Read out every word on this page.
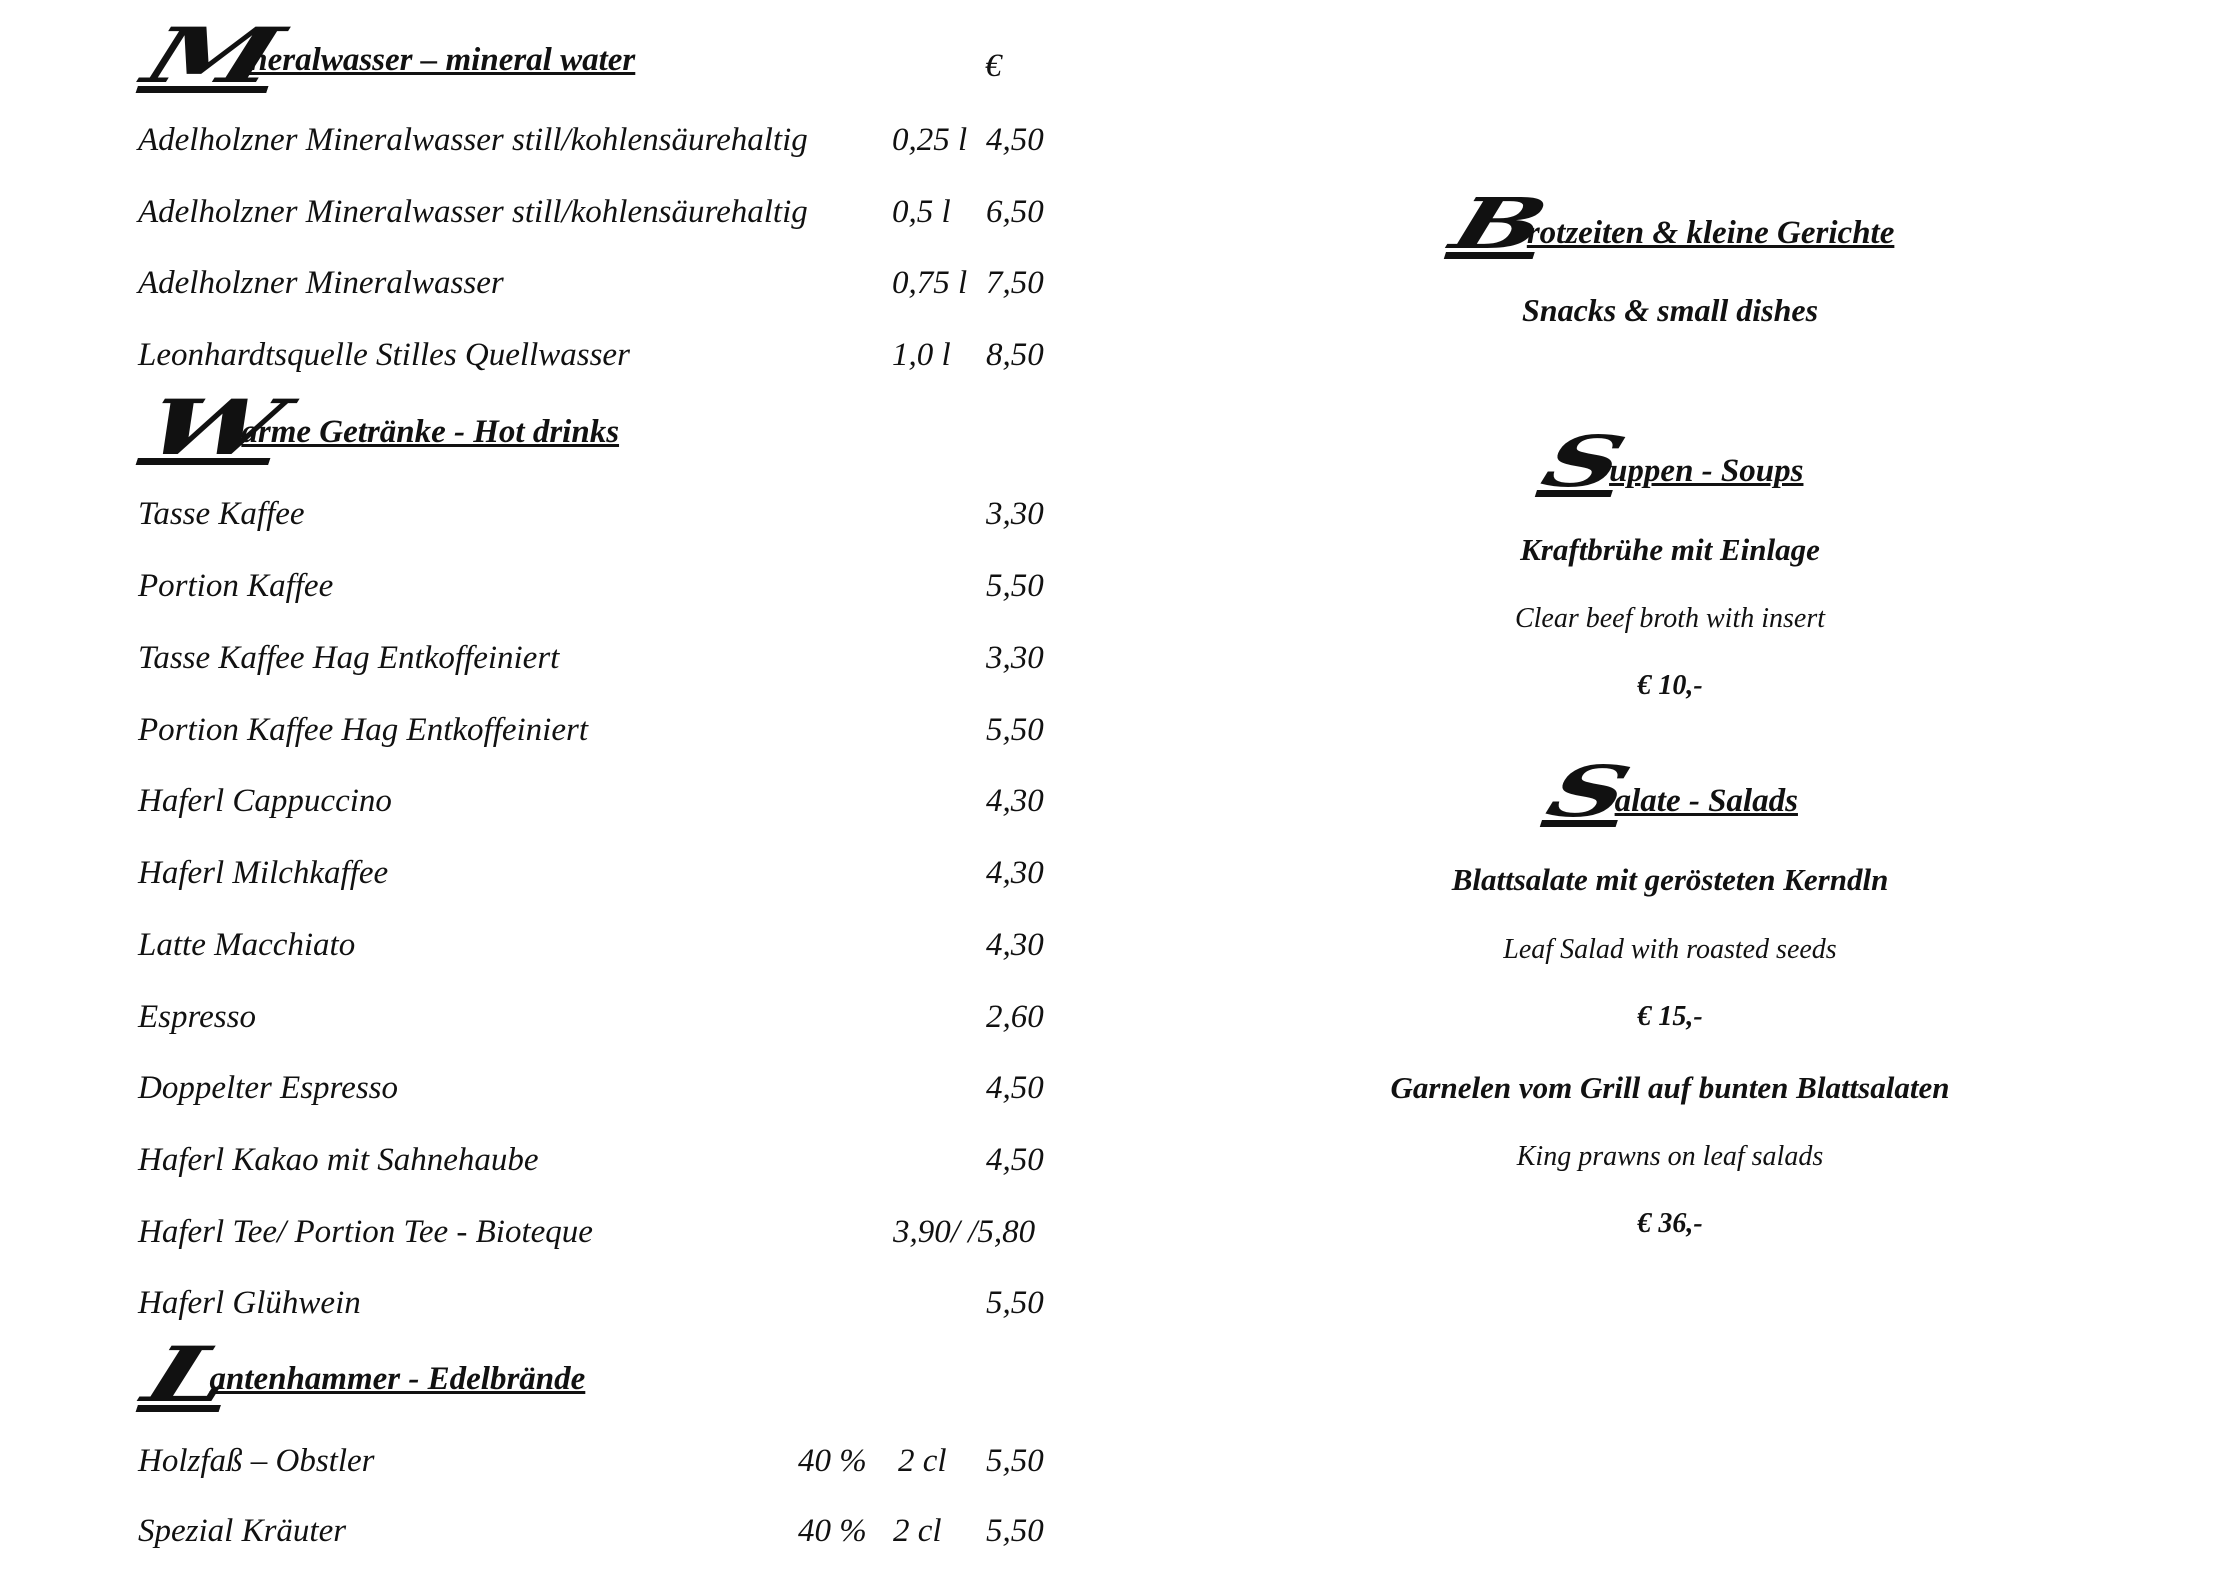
M
ineralwasser – mineral water	€
Adelholzner Mineralwasser still/kohlensäurehaltig	0,25 l 4,50
Adelholzner Mineralwasser still/kohlensäurehaltig	0,5 l 6,50
Adelholzner Mineralwasser	0,75 l 7,50
Leonhardtsquelle Stilles Quellwasser	1,0 l 8,50
W
arme Getränke - Hot drinks
Tasse Kaffee	3,30
Portion Kaffee	5,50
Tasse Kaffee Hag Entkoffeiniert	3,30
Portion Kaffee Hag Entkoffeiniert	5,50
Haferl Cappuccino	4,30
Haferl Milchkaffee	4,30
Latte Macchiato	4,30
Espresso	2,60
Doppelter Espresso	4,50
Haferl Kakao mit Sahnehaube	4,50
Haferl Tee/ Portion Tee - Bioteque	3,90/ /5,80
Haferl Glühwein	5,50
L
antenhammer - Edelbrände
Holzfaß – Obstler	40 % 2 cl 5,50
Spezial Kräuter	40 % 2 cl 5,50
B
rotzeiten & kleine Gerichte
Snacks & small dishes
S
uppen - Soups
Kraftbrühe mit Einlage
Clear beef broth with insert
€ 10,-
S
alate - Salads
Blattsalate mit gerösteten Kerndln
Leaf Salad with roasted seeds
€ 15,-
Garnelen vom Grill auf bunten Blattsalaten
King prawns on leaf salads
€ 36,-
